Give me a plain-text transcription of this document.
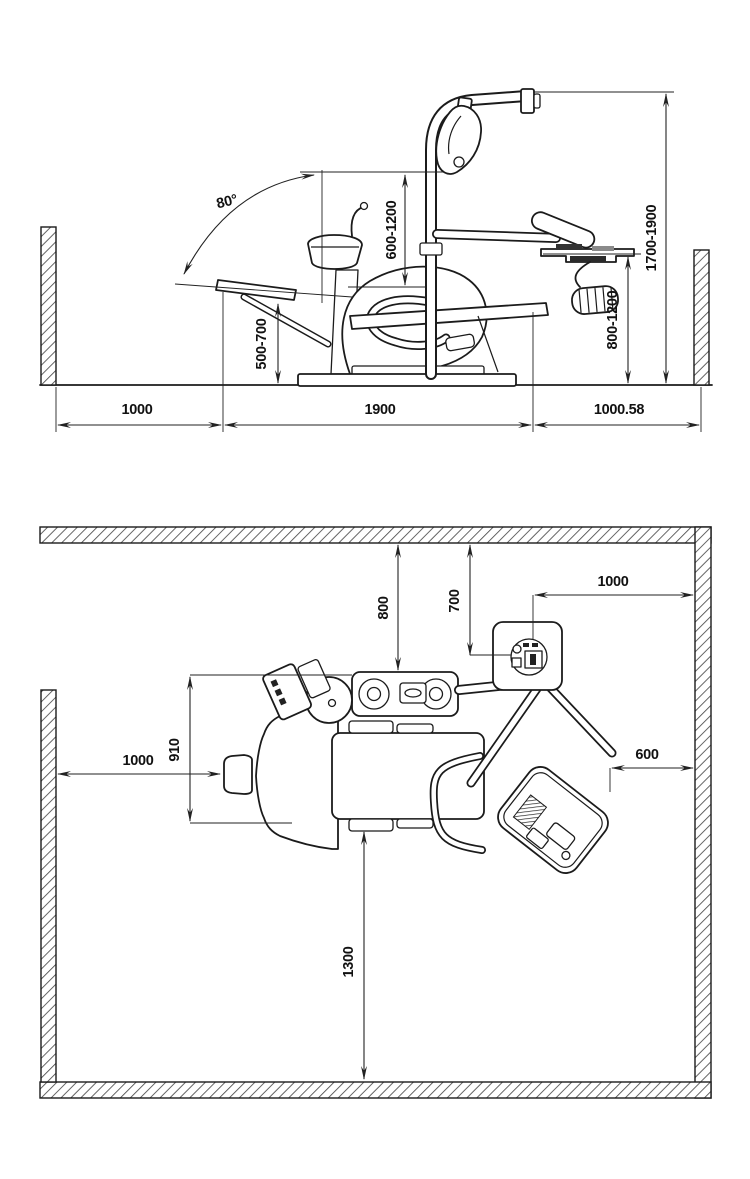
80°	600-1200	1700-1900
500-700	800-1200
1000	1900	1000.58
800	700
1000
1000 910	600
1300
